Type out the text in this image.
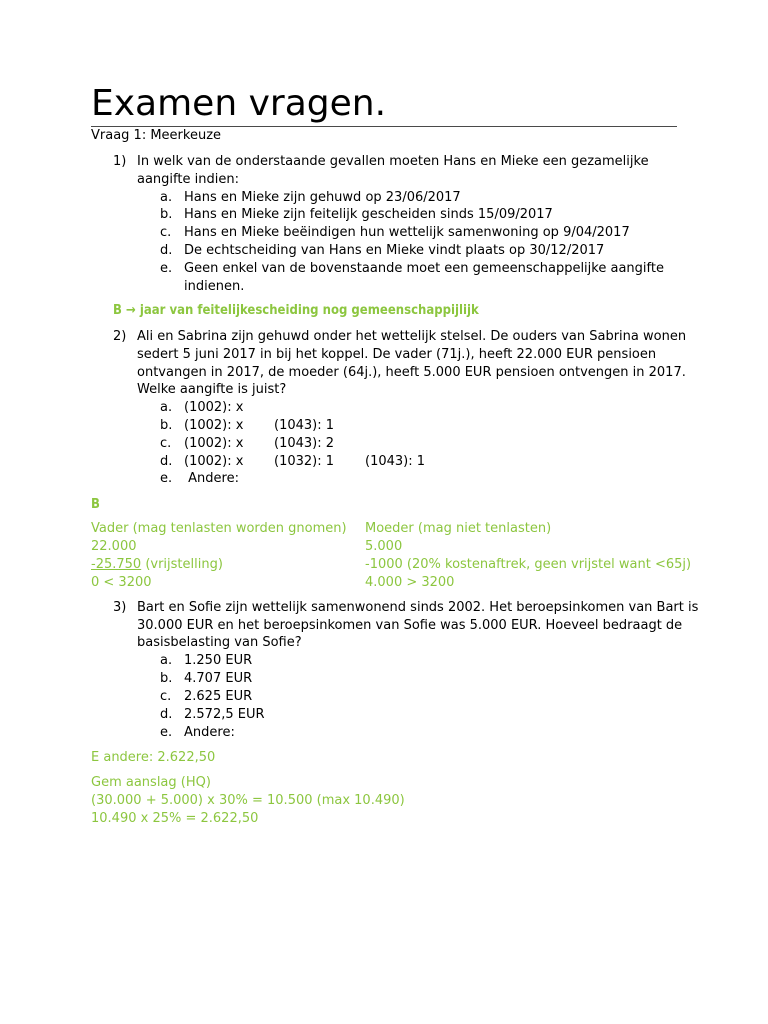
Examen vragen.
Vraag 1: Meerkeuze
1) In welk van de onderstaande gevallen moeten Hans en Mieke een gezamelijke
aangifte indien:
a. Hans en Mieke zijn gehuwd op 23/06/2017
b. Hans en Mieke zijn feitelijk gescheiden sinds 15/09/2017
c. Hans en Mieke beëindigen hun wettelijk samenwoning op 9/04/2017
d. De echtscheiding van Hans en Mieke vindt plaats op 30/12/2017
e. Geen enkel van de bovenstaande moet een gemeenschappelijke aangifte
indienen.
B → jaar van feitelijkescheiding nog gemeenschappijlijk
2) Ali en Sabrina zijn gehuwd onder het wettelijk stelsel. De ouders van Sabrina wonen
sedert 5 juni 2017 in bij het koppel. De vader (71j.), heeft 22.000 EUR pensioen
ontvangen in 2017, de moeder (64j.), heeft 5.000 EUR pensioen ontvengen in 2017.
Welke aangifte is juist?
a. (1002): x
b. (1002): x (1043): 1
c. (1002): x (1043): 2
d. (1002): x (1032): 1 (1043): 1
e. Andere:
B
Vader (mag tenlasten worden gnomen) Moeder (mag niet tenlasten)
22.000	5.000
-25.750 (vrijstelling)	-1000 (20% kostenaftrek, geen vrijstel want <65j)
0 < 3200	4.000 > 3200
3) Bart en Sofie zijn wettelijk samenwonend sinds 2002. Het beroepsinkomen van Bart is
30.000 EUR en het beroepsinkomen van Sofie was 5.000 EUR. Hoeveel bedraagt de
basisbelasting van Sofie?
a. 1.250 EUR
b. 4.707 EUR
c. 2.625 EUR
d. 2.572,5 EUR
e. Andere:
E andere: 2.622,50
Gem aanslag (HQ)
(30.000 + 5.000) x 30% = 10.500 (max 10.490)
10.490 x 25% = 2.622,50
